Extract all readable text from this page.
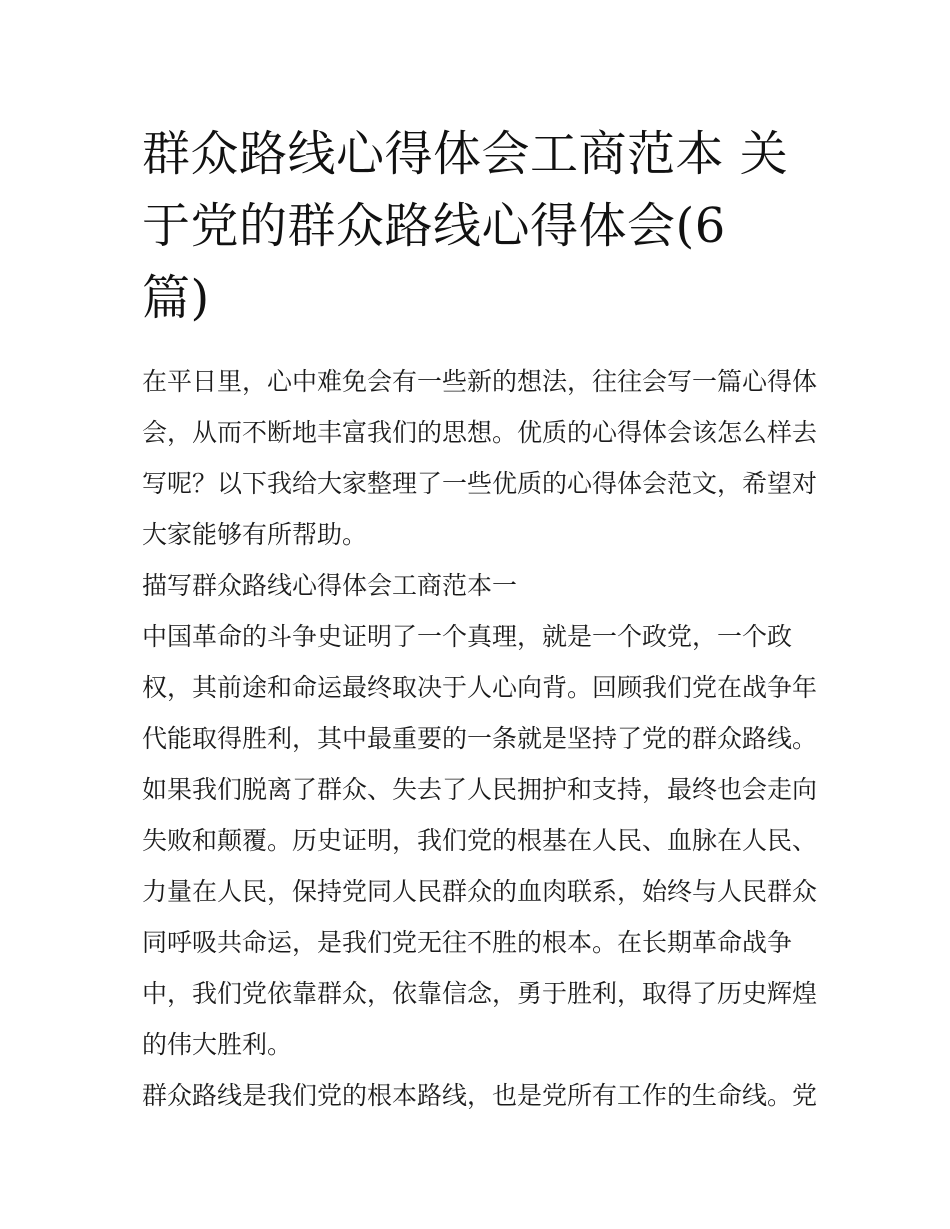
群众路线心得体会工商范本 关
于党的群众路线心得体会(6
篇)
在平日里，心中难免会有一些新的想法，往往会写一篇心得体
会，从而不断地丰富我们的思想。优质的心得体会该怎么样去
写呢？以下我给大家整理了一些优质的心得体会范文，希望对
大家能够有所帮助。
描写群众路线心得体会工商范本一
中国革命的斗争史证明了一个真理，就是一个政党，一个政
权，其前途和命运最终取决于人心向背。回顾我们党在战争年
代能取得胜利，其中最重要的一条就是坚持了党的群众路线。
如果我们脱离了群众、失去了人民拥护和支持，最终也会走向
失败和颠覆。历史证明，我们党的根基在人民、血脉在人民、
力量在人民，保持党同人民群众的血肉联系，始终与人民群众
同呼吸共命运，是我们党无往不胜的根本。在长期革命战争
中，我们党依靠群众，依靠信念，勇于胜利，取得了历史辉煌
的伟大胜利。
群众路线是我们党的根本路线，也是党所有工作的生命线。党
